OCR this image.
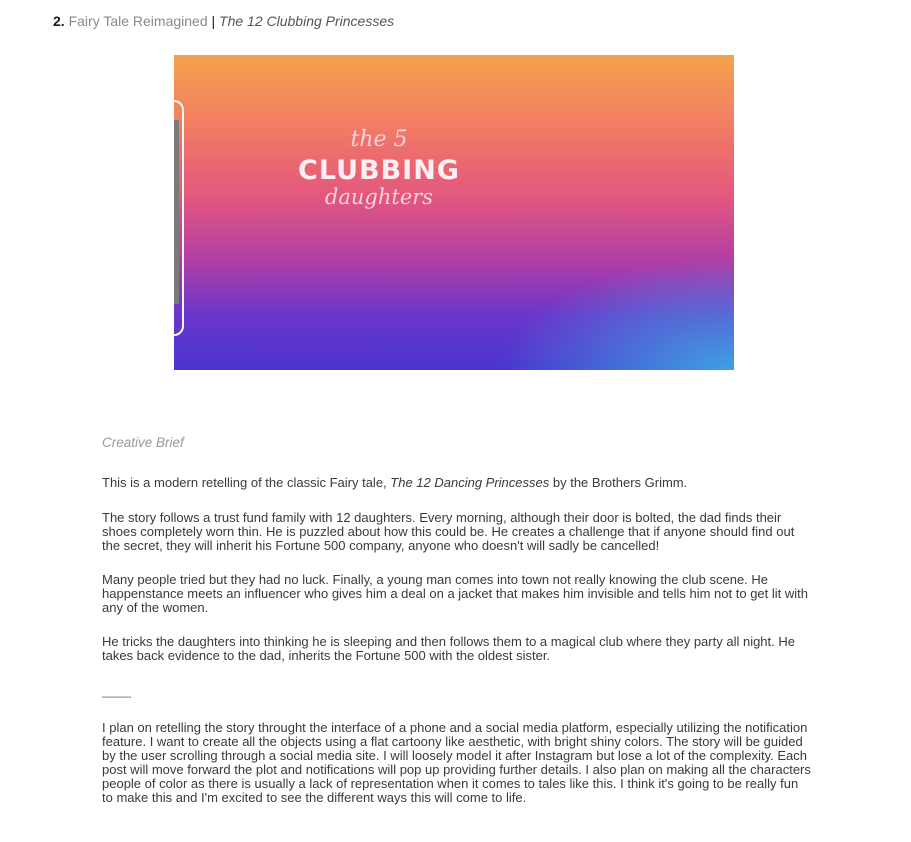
2. Fairy Tale Reimagined | The 12 Clubbing Princesses
the 5
CLUBBING
daughters
Creative Brief

This is a modern retelling of the classic Fairy tale, The 12 Dancing Princesses by the Brothers Grimm.

The story follows a trust fund family with 12 daughters. Every morning, although their door is bolted, the dad finds their shoes completely worn thin. He is puzzled about how this could be. He creates a challenge that if anyone should find out the secret, they will inherit his Fortune 500 company, anyone who doesn't will sadly be cancelled!

Many people tried but they had no luck. Finally, a young man comes into town not really knowing the club scene. He happenstance meets an influencer who gives him a deal on a jacket that makes him invisible and tells him not to get lit with any of the women.

He tricks the daughters into thinking he is sleeping and then follows them to a magical club where they party all night. He takes back evidence to the dad, inherits the Fortune 500 with the oldest sister.

____

I plan on retelling the story throught the interface of a phone and a social media platform, especially utilizing the notification feature. I want to create all the objects using a flat cartoony like aesthetic, with bright shiny colors. The story will be guided by the user scrolling through a social media site. I will loosely model it after Instagram but lose a lot of the complexity. Each post will move forward the plot and notifications will pop up providing further details. I also plan on making all the characters people of color as there is usually a lack of representation when it comes to tales like this. I think it's going to be really fun to make this and I'm excited to see the different ways this will come to life.
